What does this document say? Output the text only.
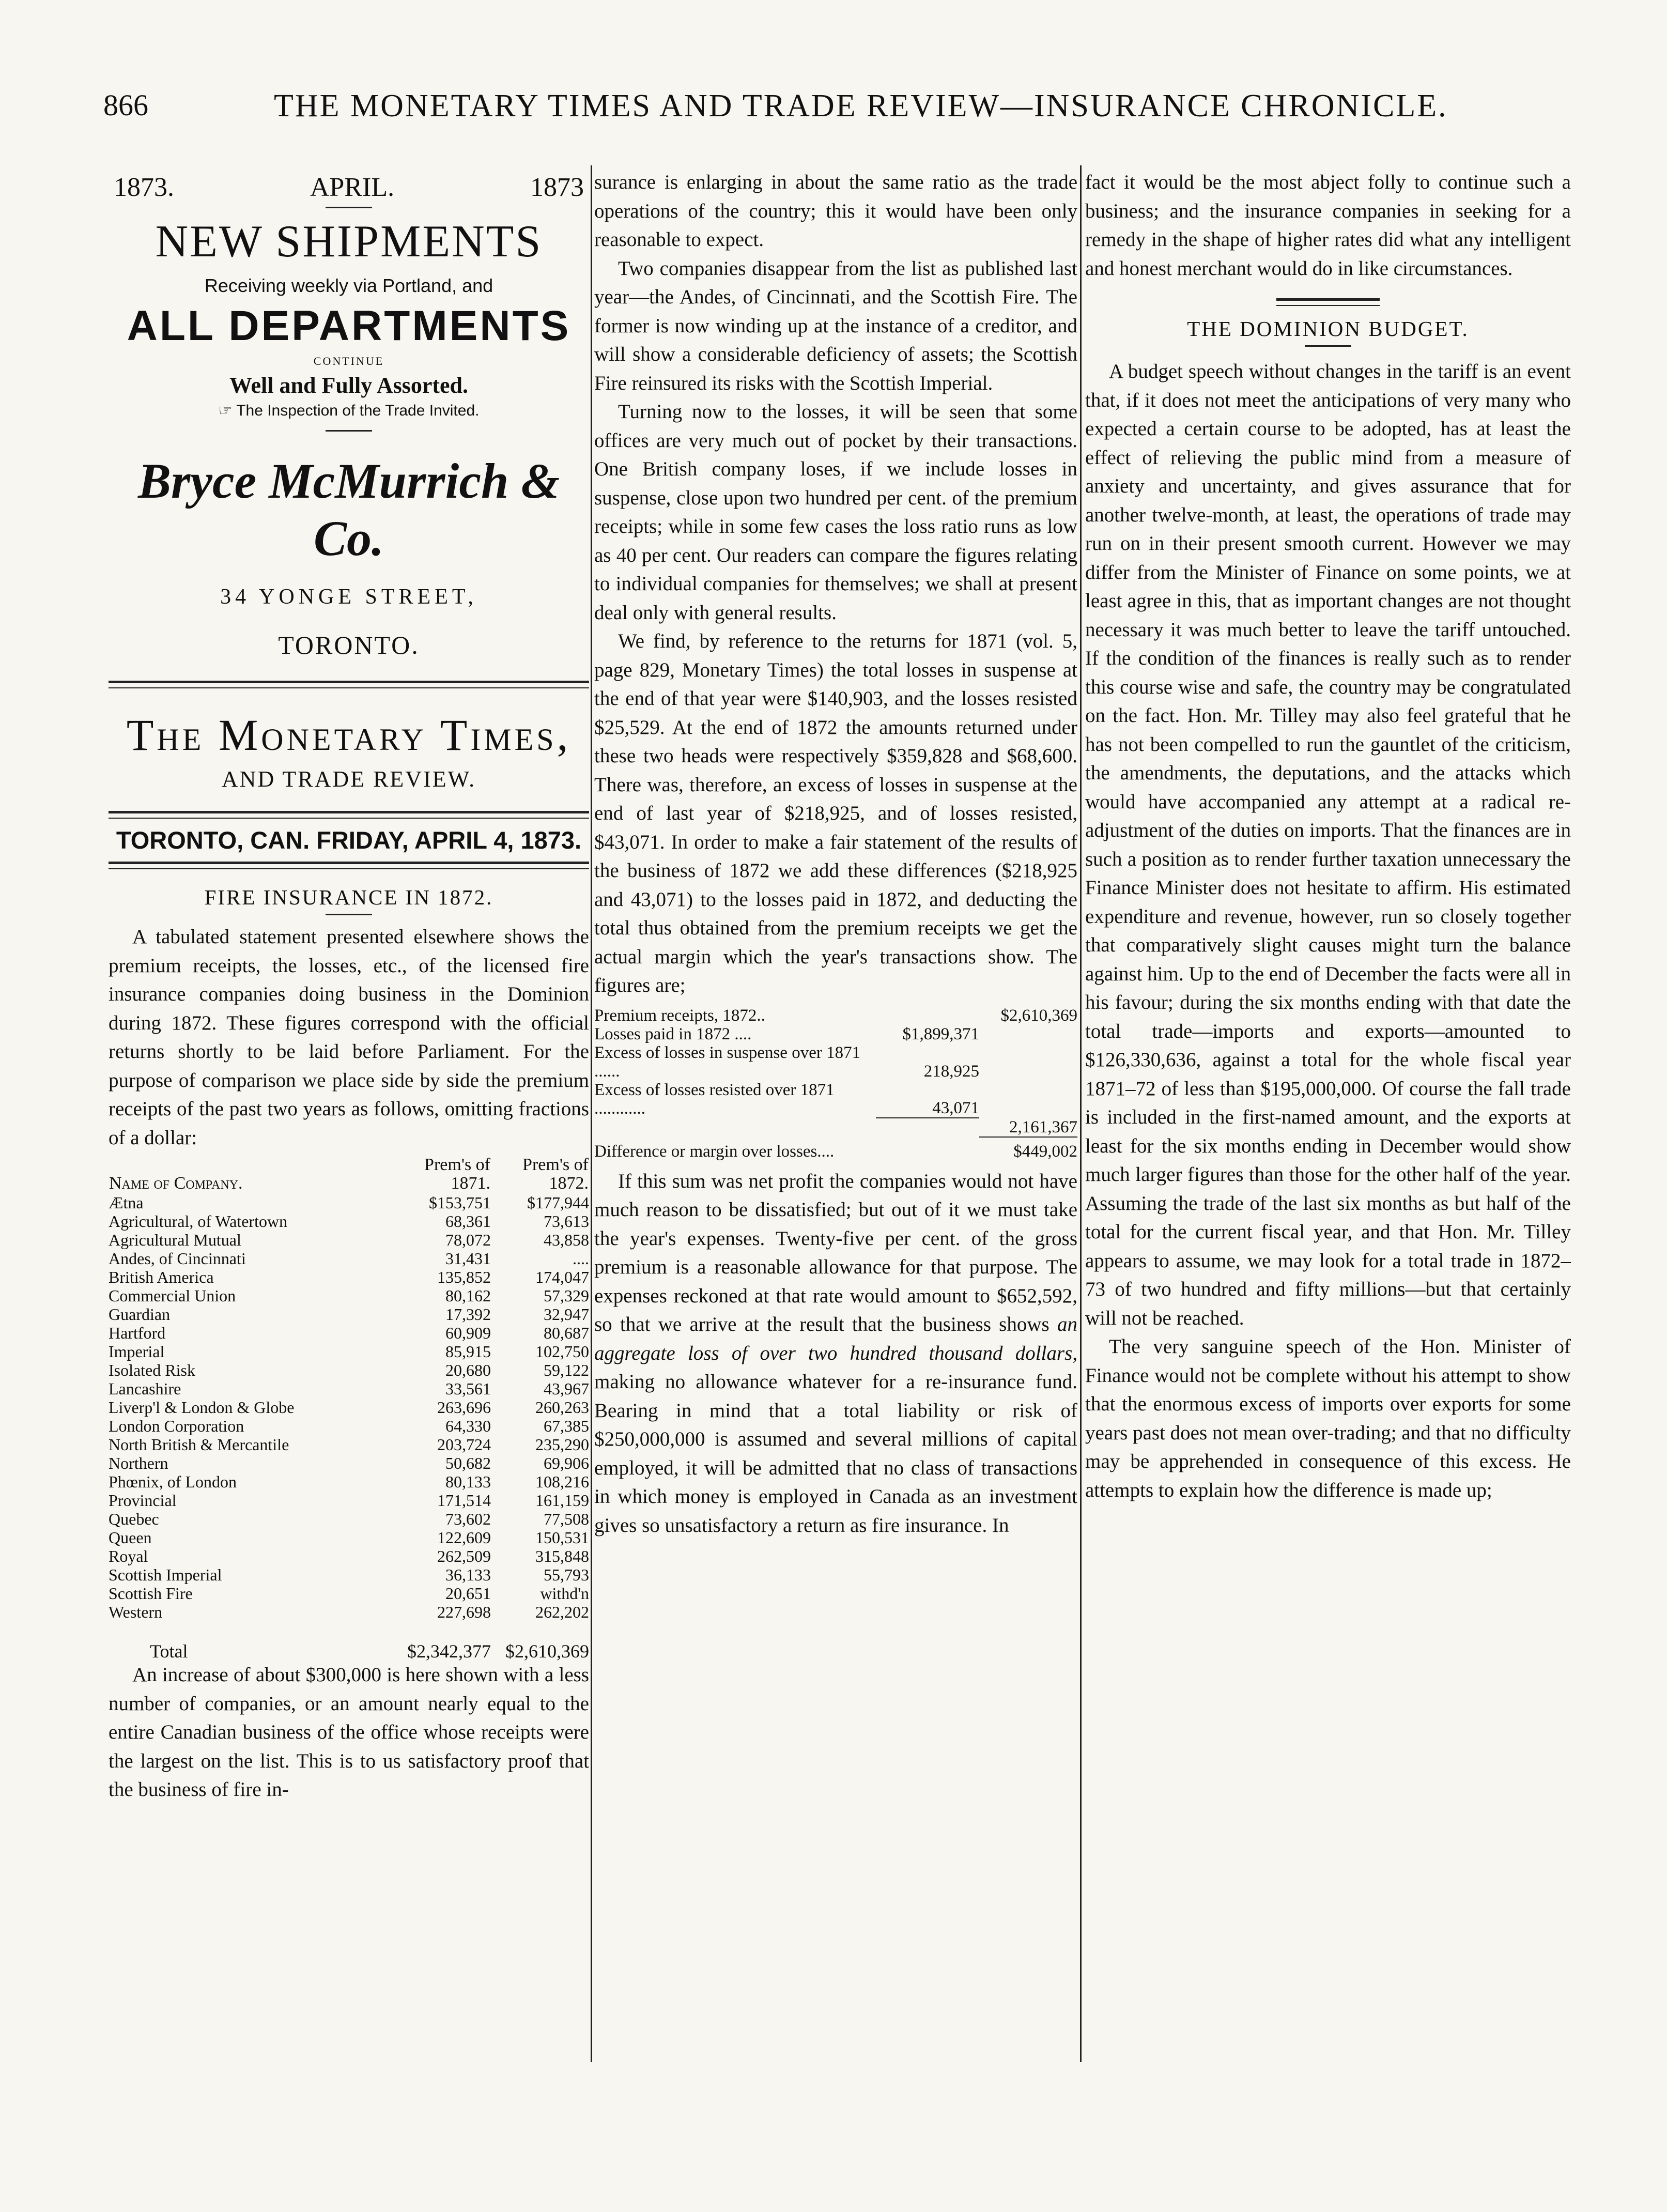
866	THE MONETARY TIMES AND TRADE REVIEW—INSURANCE CHRONICLE.
1873.	APRIL.	1873
NEW SHIPMENTS
Receiving weekly via Portland, and
ALL DEPARTMENTS
CONTINUE
Well and Fully Assorted.
☞ The Inspection of the Trade Invited.
Bryce McMurrich & Co.
34 YONGE STREET,
TORONTO.
The Monetary Times,
AND TRADE REVIEW.
TORONTO, CAN. FRIDAY, APRIL 4, 1873.
FIRE INSURANCE IN 1872.

A tabulated statement presented elsewhere shows the premium receipts, the losses, etc., of the licensed fire insurance companies doing business in the Dominion during 1872. These figures correspond with the official returns shortly to be laid before Parliament. For the purpose of comparison we place side by side the premium receipts of the past two years as follows, omitting fractions of a dollar:

Name of Company.	Prem's of 1871.	Prem's of 1872.
Ætna	$153,751	$177,944
Agricultural, of Watertown	68,361	73,613
Agricultural Mutual	78,072	43,858
Andes, of Cincinnati	31,431	....
British America	135,852	174,047
Commercial Union	80,162	57,329
Guardian	17,392	32,947
Hartford	60,909	80,687
Imperial	85,915	102,750
Isolated Risk	20,680	59,122
Lancashire	33,561	43,967
Liverp'l & London & Globe	263,696	260,263
London Corporation	64,330	67,385
North British & Mercantile	203,724	235,290
Northern	50,682	69,906
Phœnix, of London	80,133	108,216
Provincial	171,514	161,159
Quebec	73,602	77,508
Queen	122,609	150,531
Royal	262,509	315,848
Scottish Imperial	36,133	55,793
Scottish Fire	20,651	withd'n
Western	227,698	262,202
Total	$2,342,377	$2,610,369

An increase of about $300,000 is here shown with a less number of companies, or an amount nearly equal to the entire Canadian business of the office whose receipts were the largest on the list. This is to us satisfactory proof that the business of fire in-

surance is enlarging in about the same ratio as the trade operations of the country; this it would have been only reasonable to expect.

Two companies disappear from the list as published last year—the Andes, of Cincinnati, and the Scottish Fire. The former is now winding up at the instance of a creditor, and will show a considerable deficiency of assets; the Scottish Fire reinsured its risks with the Scottish Imperial.

Turning now to the losses, it will be seen that some offices are very much out of pocket by their transactions. One British company loses, if we include losses in suspense, close upon two hundred per cent. of the premium receipts; while in some few cases the loss ratio runs as low as 40 per cent. Our readers can compare the figures relating to individual companies for themselves; we shall at present deal only with general results.

We find, by reference to the returns for 1871 (vol. 5, page 829, Monetary Times) the total losses in suspense at the end of that year were $140,903, and the losses resisted $25,529. At the end of 1872 the amounts returned under these two heads were respectively $359,828 and $68,600. There was, therefore, an excess of losses in suspense at the end of last year of $218,925, and of losses resisted, $43,071. In order to make a fair statement of the results of the business of 1872 we add these differences ($218,925 and 43,071) to the losses paid in 1872, and deducting the total thus obtained from the premium receipts we get the actual margin which the year's transactions show. The figures are;

Premium receipts, 1872..		$2,610,369
Losses paid in 1872 ....	$1,899,371	
Excess of losses in suspense over 1871 ......	218,925	
Excess of losses resisted over 1871 ............	43,071	
		2,161,367
Difference or margin over losses....		$449,002

If this sum was net profit the companies would not have much reason to be dissatisfied; but out of it we must take the year's expenses. Twenty-five per cent. of the gross premium is a reasonable allowance for that purpose. The expenses reckoned at that rate would amount to $652,592, so that we arrive at the result that the business shows an aggregate loss of over two hundred thousand dollars, making no allowance whatever for a re-insurance fund. Bearing in mind that a total liability or risk of $250,000,000 is assumed and several millions of capital employed, it will be admitted that no class of transactions in which money is employed in Canada as an investment gives so unsatisfactory a return as fire insurance. In

fact it would be the most abject folly to continue such a business; and the insurance companies in seeking for a remedy in the shape of higher rates did what any intelligent and honest merchant would do in like circumstances.

THE DOMINION BUDGET.

A budget speech without changes in the tariff is an event that, if it does not meet the anticipations of very many who expected a certain course to be adopted, has at least the effect of relieving the public mind from a measure of anxiety and uncertainty, and gives assurance that for another twelve-month, at least, the operations of trade may run on in their present smooth current. However we may differ from the Minister of Finance on some points, we at least agree in this, that as important changes are not thought necessary it was much better to leave the tariff untouched. If the condition of the finances is really such as to render this course wise and safe, the country may be congratulated on the fact. Hon. Mr. Tilley may also feel grateful that he has not been compelled to run the gauntlet of the criticism, the amendments, the deputations, and the attacks which would have accompanied any attempt at a radical re-adjustment of the duties on imports. That the finances are in such a position as to render further taxation unnecessary the Finance Minister does not hesitate to affirm. His estimated expenditure and revenue, however, run so closely together that comparatively slight causes might turn the balance against him. Up to the end of December the facts were all in his favour; during the six months ending with that date the total trade—imports and exports—amounted to $126,330,636, against a total for the whole fiscal year 1871–72 of less than $195,000,000. Of course the fall trade is included in the first-named amount, and the exports at least for the six months ending in December would show much larger figures than those for the other half of the year. Assuming the trade of the last six months as but half of the total for the current fiscal year, and that Hon. Mr. Tilley appears to assume, we may look for a total trade in 1872–73 of two hundred and fifty millions—but that certainly will not be reached.

The very sanguine speech of the Hon. Minister of Finance would not be complete without his attempt to show that the enormous excess of imports over exports for some years past does not mean over-trading; and that no difficulty may be apprehended in consequence of this excess. He attempts to explain how the difference is made up;
